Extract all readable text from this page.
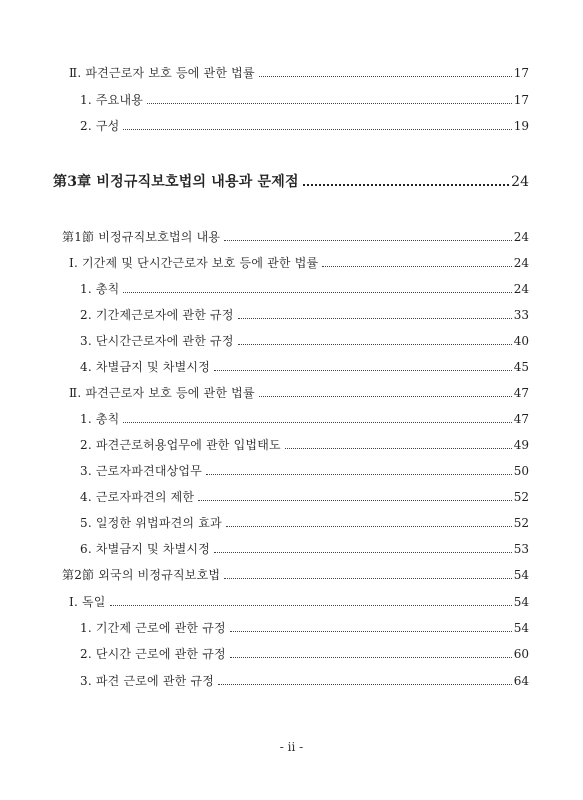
Ⅱ. 파견근로자 보호 등에 관한 법률	17
1. 주요내용	17
2. 구성	19
第3章 비정규직보호법의 내용과 문제점	24
第1節 비정규직보호법의 내용	24
Ⅰ. 기간제 및 단시간근로자 보호 등에 관한 법률	24
1. 총칙	24
2. 기간제근로자에 관한 규정	33
3. 단시간근로자에 관한 규정	40
4. 차별금지 및 차별시정	45
Ⅱ. 파견근로자 보호 등에 관한 법률	47
1. 총칙	47
2. 파견근로허용업무에 관한 입법태도	49
3. 근로자파견대상업무	50
4. 근로자파견의 제한	52
5. 일정한 위법파견의 효과	52
6. 차별금지 및 차별시정	53
第2節 외국의 비정규직보호법	54
Ⅰ. 독일	54
1. 기간제 근로에 관한 규정	54
2. 단시간 근로에 관한 규정	60
3. 파견 근로에 관한 규정	64
- ii -
